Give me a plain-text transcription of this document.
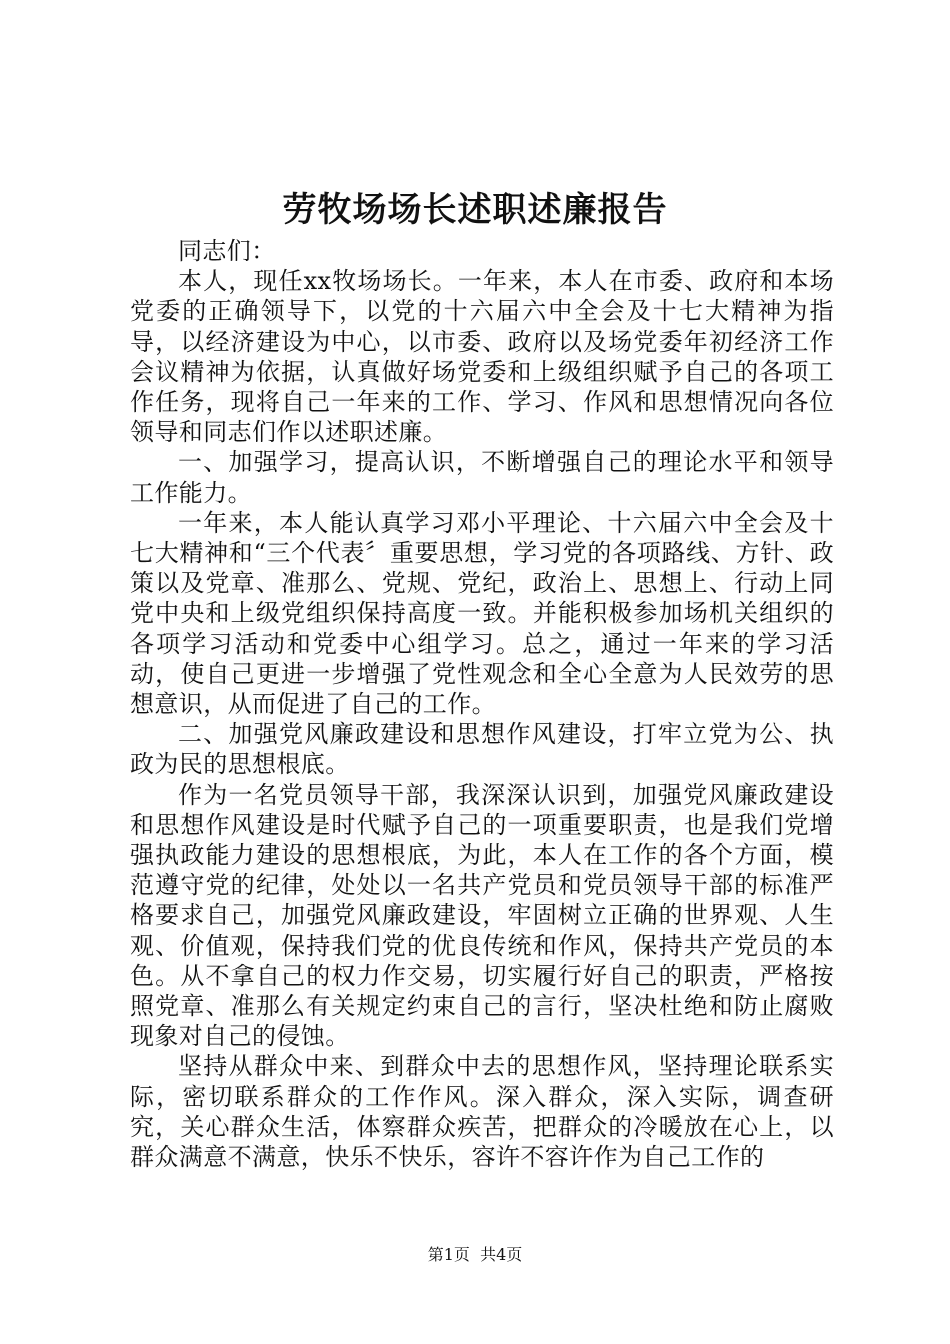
劳牧场场长述职述廉报告

同志们：

本人，现任xx牧场场长。一年来，本人在市委、政府和本场党委的正确领导下，以党的十六届六中全会及十七大精神为指导，以经济建设为中心，以市委、政府以及场党委年初经济工作会议精神为依据，认真做好场党委和上级组织赋予自己的各项工作任务，现将自己一年来的工作、学习、作风和思想情况向各位领导和同志们作以述职述廉。

一、加强学习，提高认识，不断增强自己的理论水平和领导工作能力。

一年来，本人能认真学习邓小平理论、十六届六中全会及十七大精神和“三个代表〞重要思想，学习党的各项路线、方针、政策以及党章、准那么、党规、党纪，政治上、思想上、行动上同党中央和上级党组织保持高度一致。并能积极参加场机关组织的各项学习活动和党委中心组学习。总之，通过一年来的学习活动，使自己更进一步增强了党性观念和全心全意为人民效劳的思想意识，从而促进了自己的工作。

二、加强党风廉政建设和思想作风建设，打牢立党为公、执政为民的思想根底。

作为一名党员领导干部，我深深认识到，加强党风廉政建设和思想作风建设是时代赋予自己的一项重要职责，也是我们党增强执政能力建设的思想根底，为此，本人在工作的各个方面，模范遵守党的纪律，处处以一名共产党员和党员领导干部的标准严格要求自己，加强党风廉政建设，牢固树立正确的世界观、人生观、价值观，保持我们党的优良传统和作风，保持共产党员的本色。从不拿自己的权力作交易，切实履行好自己的职责，严格按照党章、准那么有关规定约束自己的言行，坚决杜绝和防止腐败现象对自己的侵蚀。

坚持从群众中来、到群众中去的思想作风，坚持理论联系实际，密切联系群众的工作作风。深入群众，深入实际，调查研究，关心群众生活，体察群众疾苦，把群众的冷暖放在心上，以群众满意不满意，快乐不快乐，容许不容许作为自己工作的

第1页 共4页
